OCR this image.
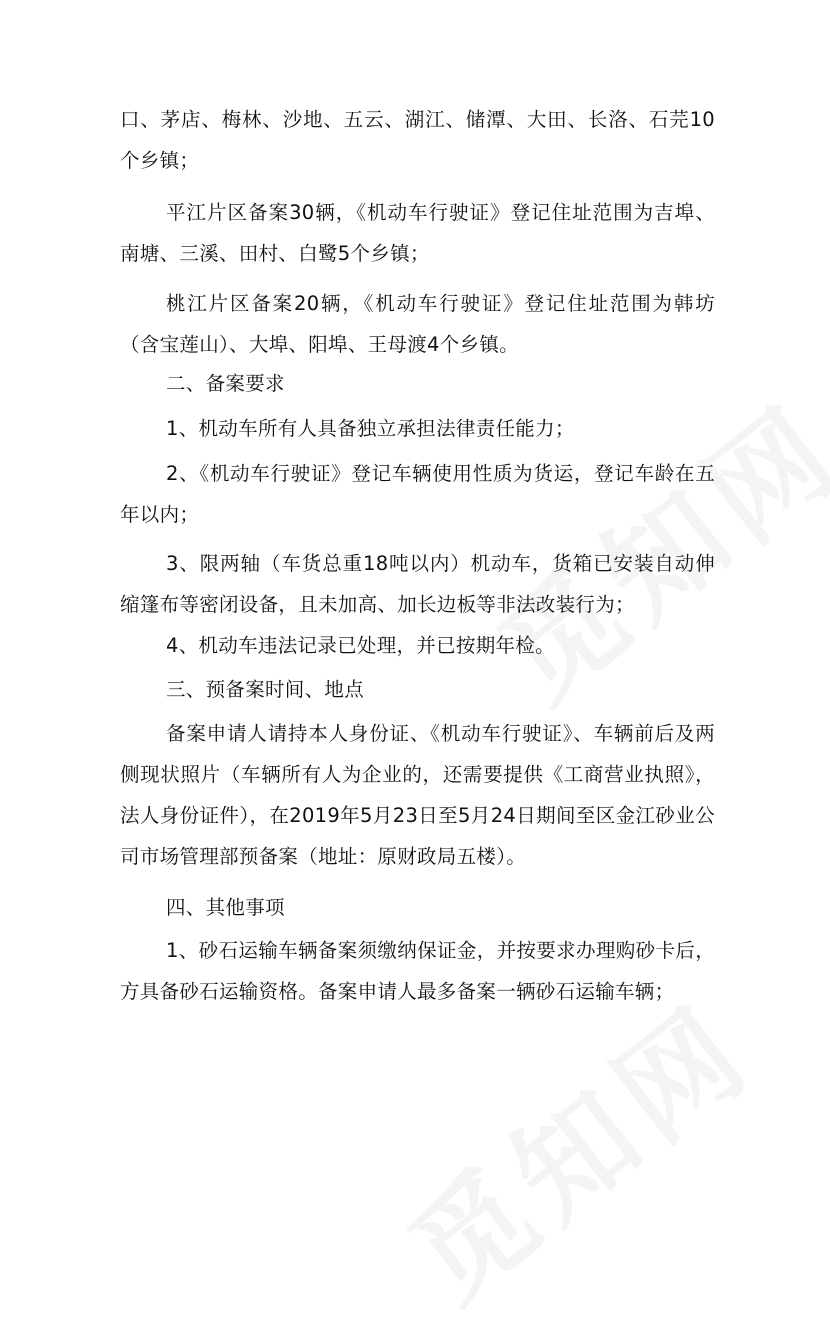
口、茅店、梅林、沙地、五云、湖江、储潭、大田、长洛、石芫10个乡镇；

平江片区备案30辆，《机动车行驶证》登记住址范围为吉埠、南塘、三溪、田村、白鹭5个乡镇；

桃江片区备案20辆，《机动车行驶证》登记住址范围为韩坊（含宝莲山）、大埠、阳埠、王母渡4个乡镇。

二、备案要求

1、机动车所有人具备独立承担法律责任能力；

2、《机动车行驶证》登记车辆使用性质为货运，登记车龄在五年以内；

3、限两轴（车货总重18吨以内）机动车，货箱已安装自动伸缩篷布等密闭设备，且未加高、加长边板等非法改装行为；

4、机动车违法记录已处理，并已按期年检。

三、预备案时间、地点

备案申请人请持本人身份证、《机动车行驶证》、车辆前后及两侧现状照片（车辆所有人为企业的，还需要提供《工商营业执照》，法人身份证件），在2019年5月23日至5月24日期间至区金江砂业公司市场管理部预备案（地址：原财政局五楼）。

四、其他事项

1、砂石运输车辆备案须缴纳保证金，并按要求办理购砂卡后，方具备砂石运输资格。备案申请人最多备案一辆砂石运输车辆；
